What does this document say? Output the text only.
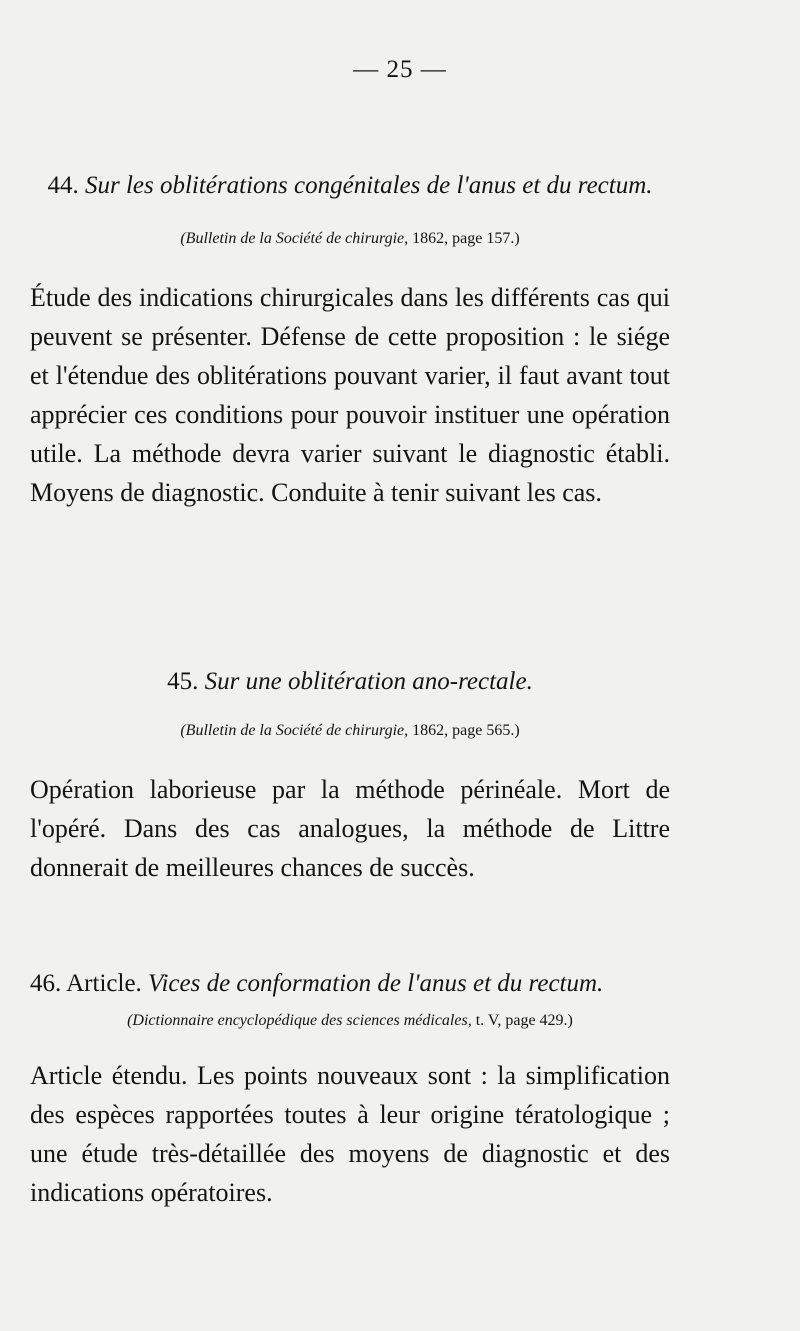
— 25 —
44. Sur les oblitérations congénitales de l'anus et du rectum.
(Bulletin de la Société de chirurgie, 1862, page 157.)
Étude des indications chirurgicales dans les différents cas qui peuvent se présenter. Défense de cette proposition : le siége et l'étendue des oblitérations pouvant varier, il faut avant tout apprécier ces conditions pour pouvoir instituer une opération utile. La méthode devra varier suivant le diagnostic établi. Moyens de diagnostic. Conduite à tenir suivant les cas.
45. Sur une oblitération ano-rectale.
(Bulletin de la Société de chirurgie, 1862, page 565.)
Opération laborieuse par la méthode périnéale. Mort de l'opéré. Dans des cas analogues, la méthode de Littre donnerait de meilleures chances de succès.
46. Article. Vices de conformation de l'anus et du rectum.
(Dictionnaire encyclopédique des sciences médicales, t. V, page 429.)
Article étendu. Les points nouveaux sont : la simplification des espèces rapportées toutes à leur origine tératologique ; une étude très-détaillée des moyens de diagnostic et des indications opératoires.
